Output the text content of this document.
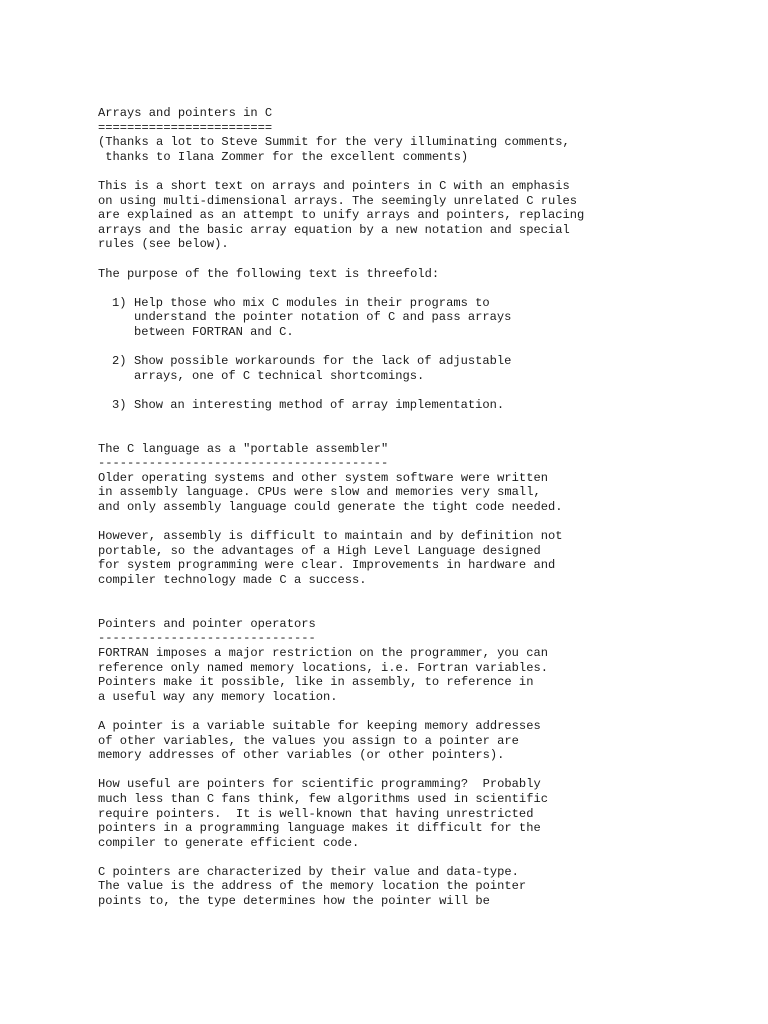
Arrays and pointers in C
========================
(Thanks a lot to Steve Summit for the very illuminating comments,
thanks to Ilana Zommer for the excellent comments)
This is a short text on arrays and pointers in C with an emphasis
on using multi-dimensional arrays. The seemingly unrelated C rules
are explained as an attempt to unify arrays and pointers, replacing
arrays and the basic array equation by a new notation and special
rules (see below).
The purpose of the following text is threefold:
1) Help those who mix C modules in their programs to
understand the pointer notation of C and pass arrays
between FORTRAN and C.
2) Show possible workarounds for the lack of adjustable
arrays, one of C technical shortcomings.
3) Show an interesting method of array implementation.
The C language as a "portable assembler"
----------------------------------------
Older operating systems and other system software were written
in assembly language. CPUs were slow and memories very small,
and only assembly language could generate the tight code needed.
However, assembly is difficult to maintain and by definition not
portable, so the advantages of a High Level Language designed
for system programming were clear. Improvements in hardware and
compiler technology made C a success.
Pointers and pointer operators
------------------------------
FORTRAN imposes a major restriction on the programmer, you can
reference only named memory locations, i.e. Fortran variables.
Pointers make it possible, like in assembly, to reference in
a useful way any memory location.
A pointer is a variable suitable for keeping memory addresses
of other variables, the values you assign to a pointer are
memory addresses of other variables (or other pointers).
How useful are pointers for scientific programming?  Probably
much less than C fans think, few algorithms used in scientific
require pointers.  It is well-known that having unrestricted
pointers in a programming language makes it difficult for the
compiler to generate efficient code.
C pointers are characterized by their value and data-type.
The value is the address of the memory location the pointer
points to, the type determines how the pointer will be
